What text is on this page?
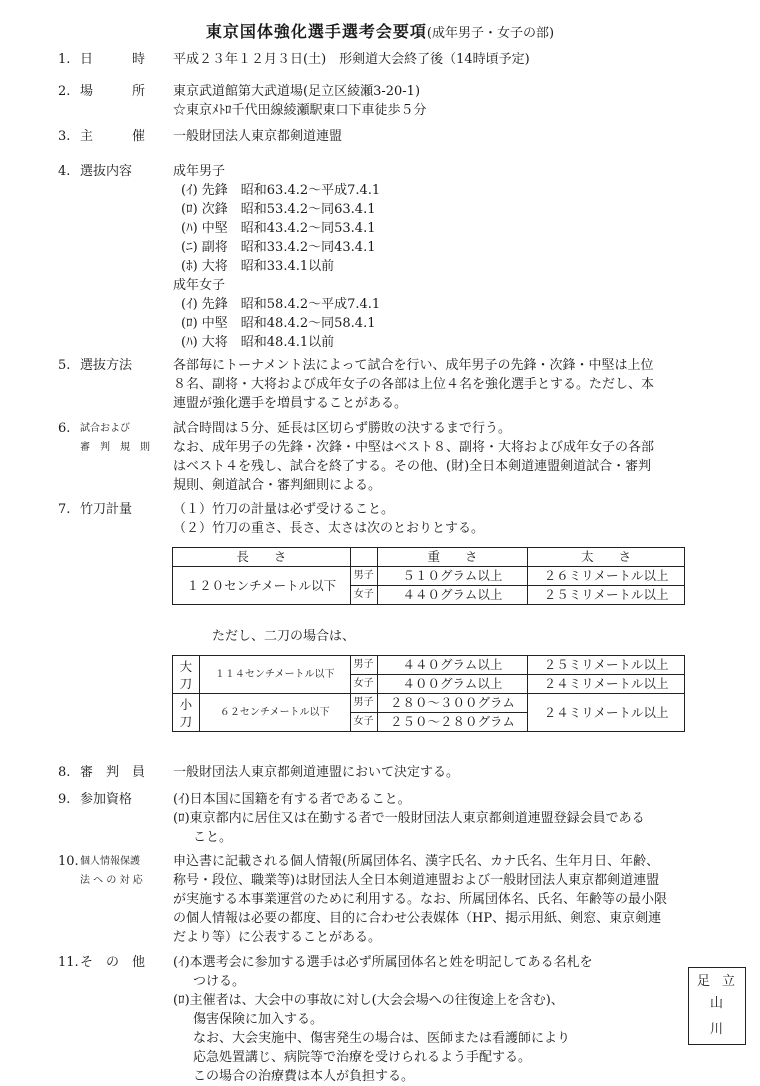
東京国体強化選手選考会要項(成年男子・女子の部)
1. 日　　　時	平成２３年１２月３日(土)　形剣道大会終了後（14時頃予定)
2. 場　　　所	東京武道館第大武道場(足立区綾瀬3-20-1)
☆東京ﾒﾄﾛ千代田線綾瀬駅東口下車徒歩５分
3. 主　　　催	一般財団法人東京都剣道連盟
4. 選抜内容	成年男子
(ｲ) 先鋒　昭和63.4.2～平成7.4.1
(ﾛ) 次鋒　昭和53.4.2～同63.4.1
(ﾊ) 中堅　昭和43.4.2～同53.4.1
(ﾆ) 副将　昭和33.4.2～同43.4.1
(ﾎ) 大将　昭和33.4.1以前
成年女子
(ｲ) 先鋒　昭和58.4.2～平成7.4.1
(ﾛ) 中堅　昭和48.4.2～同58.4.1
(ﾊ) 大将　昭和48.4.1以前
5. 選抜方法	各部毎にトーナメント法によって試合を行い、成年男子の先鋒・次鋒・中堅は上位
８名、副将・大将および成年女子の各部は上位４名を強化選手とする。ただし、本
連盟が強化選手を増員することがある。
6. 試合および
審　判　規　則
試合時間は５分、延長は区切らず勝敗の決するまで行う。
なお、成年男子の先鋒・次鋒・中堅はベスト８、副将・大将および成年女子の各部
はベスト４を残し、試合を終了する。その他、(財)全日本剣道連盟剣道試合・審判
規則、剣道試合・審判細則による。
7. 竹刀計量	（１）竹刀の計量は必ず受けること。
（２）竹刀の重さ、長さ、太さは次のとおりとする。
長　　さ		重　　さ	太　　さ
１２０センチメートル以下	男子	５１０グラム以上	２６ミリメートル以上
	女子	４４０グラム以上	２５ミリメートル以上
ただし、二刀の場合は、
大刀	１１４センチメートル以下	男子	４４０グラム以上	２５ミリメートル以上
		女子	４００グラム以上	２４ミリメートル以上
小刀	６２センチメートル以下	男子	２８０～３００グラム	２４ミリメートル以上
		女子	２５０～２８０グラム	
8. 審　判　員	一般財団法人東京都剣道連盟において決定する。
9. 参加資格	(ｲ)日本国に国籍を有する者であること。
(ﾛ)東京都内に居住又は在勤する者で一般財団法人東京都剣道連盟登録会員である
こと。
10. 個人情報保護
法 へ の 対 応
申込書に記載される個人情報(所属団体名、漢字氏名、カナ氏名、生年月日、年齢、
称号・段位、職業等)は財団法人全日本剣道連盟および一般財団法人東京都剣道連盟
が実施する本事業運営のために利用する。なお、所属団体名、氏名、年齢等の最小限
の個人情報は必要の都度、目的に合わせ公表媒体（HP、掲示用紙、剣窓、東京剣連
だより等）に公表することがある。
11. そ　の　他	(ｲ)本選考会に参加する選手は必ず所属団体名と姓を明記してある名札を
つける。
(ﾛ)主催者は、大会中の事故に対し(大会会場への往復途上を含む)、
傷害保険に加入する。
なお、大会実施中、傷害発生の場合は、医師または看護師により
応急処置講じ、病院等で治療を受けられるよう手配する。
この場合の治療費は本人が負担する。
足 立
山
川
